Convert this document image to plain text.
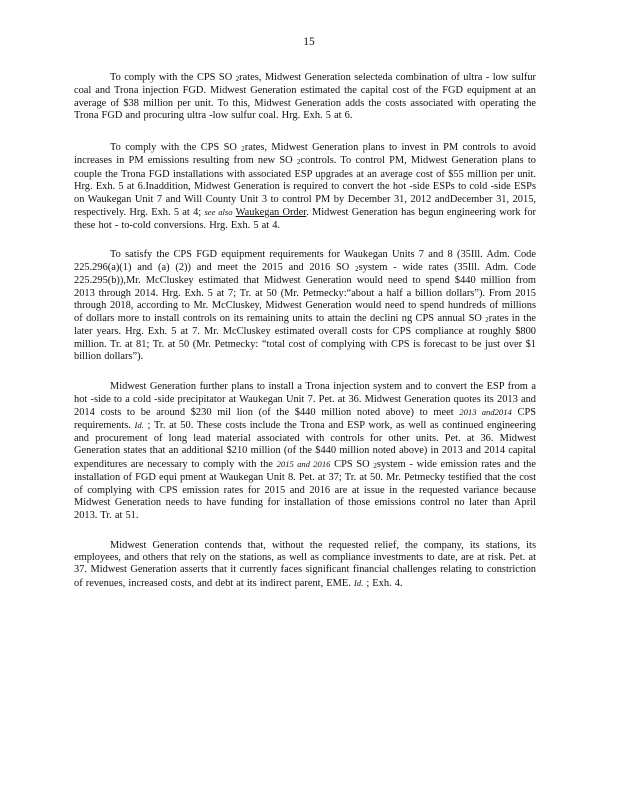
15

To comply with the CPS SO 2rates, Midwest Generation selecteda combination of ultra - low sulfur coal and Trona injection FGD. Midwest Generation estimated the capital cost of the FGD equipment at an average of $38 million per unit. To this, Midwest Generation adds the costs associated with operating the Trona FGD and procuring ultra -low sulfur coal. Hrg. Exh. 5 at 6.

To comply with the CPS SO 2rates, Midwest Generation plans to invest in PM controls to avoid increases in PM emissions resulting from new SO 2controls. To control PM, Midwest Generation plans to couple the Trona FGD installations with associated ESP upgrades at an average cost of $55 million per unit. Hrg. Exh. 5 at 6.Inaddition, Midwest Generation is required to convert the hot -side ESPs to cold -side ESPs on Waukegan Unit 7 and Will County Unit 3 to control PM by December 31, 2012 andDecember 31, 2015, respectively. Hrg. Exh. 5 at 4; see also Waukegan Order. Midwest Generation has begun engineering work for these hot - to-cold conversions. Hrg. Exh. 5 at 4.

To satisfy the CPS FGD equipment requirements for Waukegan Units 7 and 8 (35Ill. Adm. Code 225.296(a)(1) and (a) (2)) and meet the 2015 and 2016 SO 2system - wide rates (35Ill. Adm. Code 225.295(b)),Mr. McCluskey estimated that Midwest Generation would need to spend $440 million from 2013 through 2014. Hrg. Exh. 5 at 7; Tr. at 50 (Mr. Petmecky:“about a half a billion dollars”). From 2015 through 2018, according to Mr. McCluskey, Midwest Generation would need to spend hundreds of millions of dollars more to install controls on its remaining units to attain the declini ng CPS annual SO 2rates in the later years. Hrg. Exh. 5 at 7. Mr. McCluskey estimated overall costs for CPS compliance at roughly $800 million. Tr. at 81; Tr. at 50 (Mr. Petmecky: “total cost of complying with CPS is forecast to be just over $1 billion dollars”).

Midwest Generation further plans to install a Trona injection system and to convert the ESP from a hot -side to a cold -side precipitator at Waukegan Unit 7. Pet. at 36. Midwest Generation quotes its 2013 and 2014 costs to be around $230 mil lion (of the $440 million noted above) to meet 2013 and2014 CPS requirements. Id. ; Tr. at 50. These costs include the Trona and ESP work, as well as continued engineering and procurement of long lead material associated with controls for other units. Pet. at 36. Midwest Generation states that an additional $210 million (of the $440 million noted above) in 2013 and 2014 capital expenditures are necessary to comply with the 2015 and 2016 CPS SO 2system - wide emission rates and the installation of FGD equi pment at Waukegan Unit 8. Pet. at 37; Tr. at 50. Mr. Petmecky testified that the cost of complying with CPS emission rates for 2015 and 2016 are at issue in the requested variance because Midwest Generation needs to have funding for installation of those emissions control no later than April 2013. Tr. at 51.

Midwest Generation contends that, without the requested relief, the company, its stations, its employees, and others that rely on the stations, as well as compliance investments to date, are at risk. Pet. at 37. Midwest Generation asserts that it currently faces significant financial challenges relating to constriction of revenues, increased costs, and debt at its indirect parent, EME. Id. ; Exh. 4.
